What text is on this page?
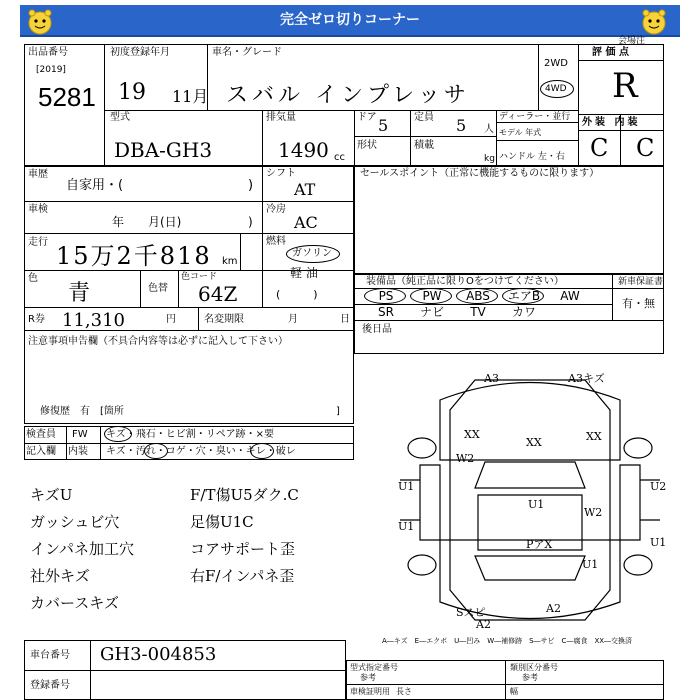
完全ゼロ切りコーナー
会場注
出品番号
[2019]
5281
初度登録年月
19 11月
車名・グレード
スバル インプレッサ
2WD
4WD
評 価 点
R
型式
DBA-GH3
排気量
1490 cc
ドア 5	定員 5 人
ディーラー・並行
モデル 年式
外装 内装
C C
形状	積載
kg ハンドル 左・右
車歴
自家用・(	)
車検
年　　月(日)	)
走行 15万2千818 km
色
青	色替
色コード
64Z
シフト
AT
冷房
AC
燃料
ガソリン
軽 油
(　　　)
R券 11,310	円	名変期限	月	日
注意事項申告欄（不具合内容等は必ずに記入して下さい）
修復歴　有　[箇所	]
セールスポイント（正常に機能するものに限ります）
装備品（純正品に限りΟをつけてください）	新車保証書
有・無
後日品
PS	PW	ABS	エアB	AW
SR	ナビ	TV	カワ
検査員
記入欄
FW キズ・飛石・ヒビ割・リペア跡・×要
内装 キズ・汚れ・コゲ・穴・臭い・キレ・破レ
キズU
ガッシュビ穴
インパネ加工穴
社外キズ
カバースキズ
F/T傷U5ダク.C
足傷U1C
コアサポート歪
右F/インパネ歪
A3	A3キズ
XX
XX	XX
W2
U1	U2
U1
U1
U1
W2
PアX
U1
A2
A2
Sスピ
A―キズ　E―エクボ　U―凹み　W―補修跡　S―サビ　C―腐食　XX―交換済
車台番号 GH3-004853
登録番号
型式指定番号
参考
類別区分番号
参考
車検証明用 長さ	幅
